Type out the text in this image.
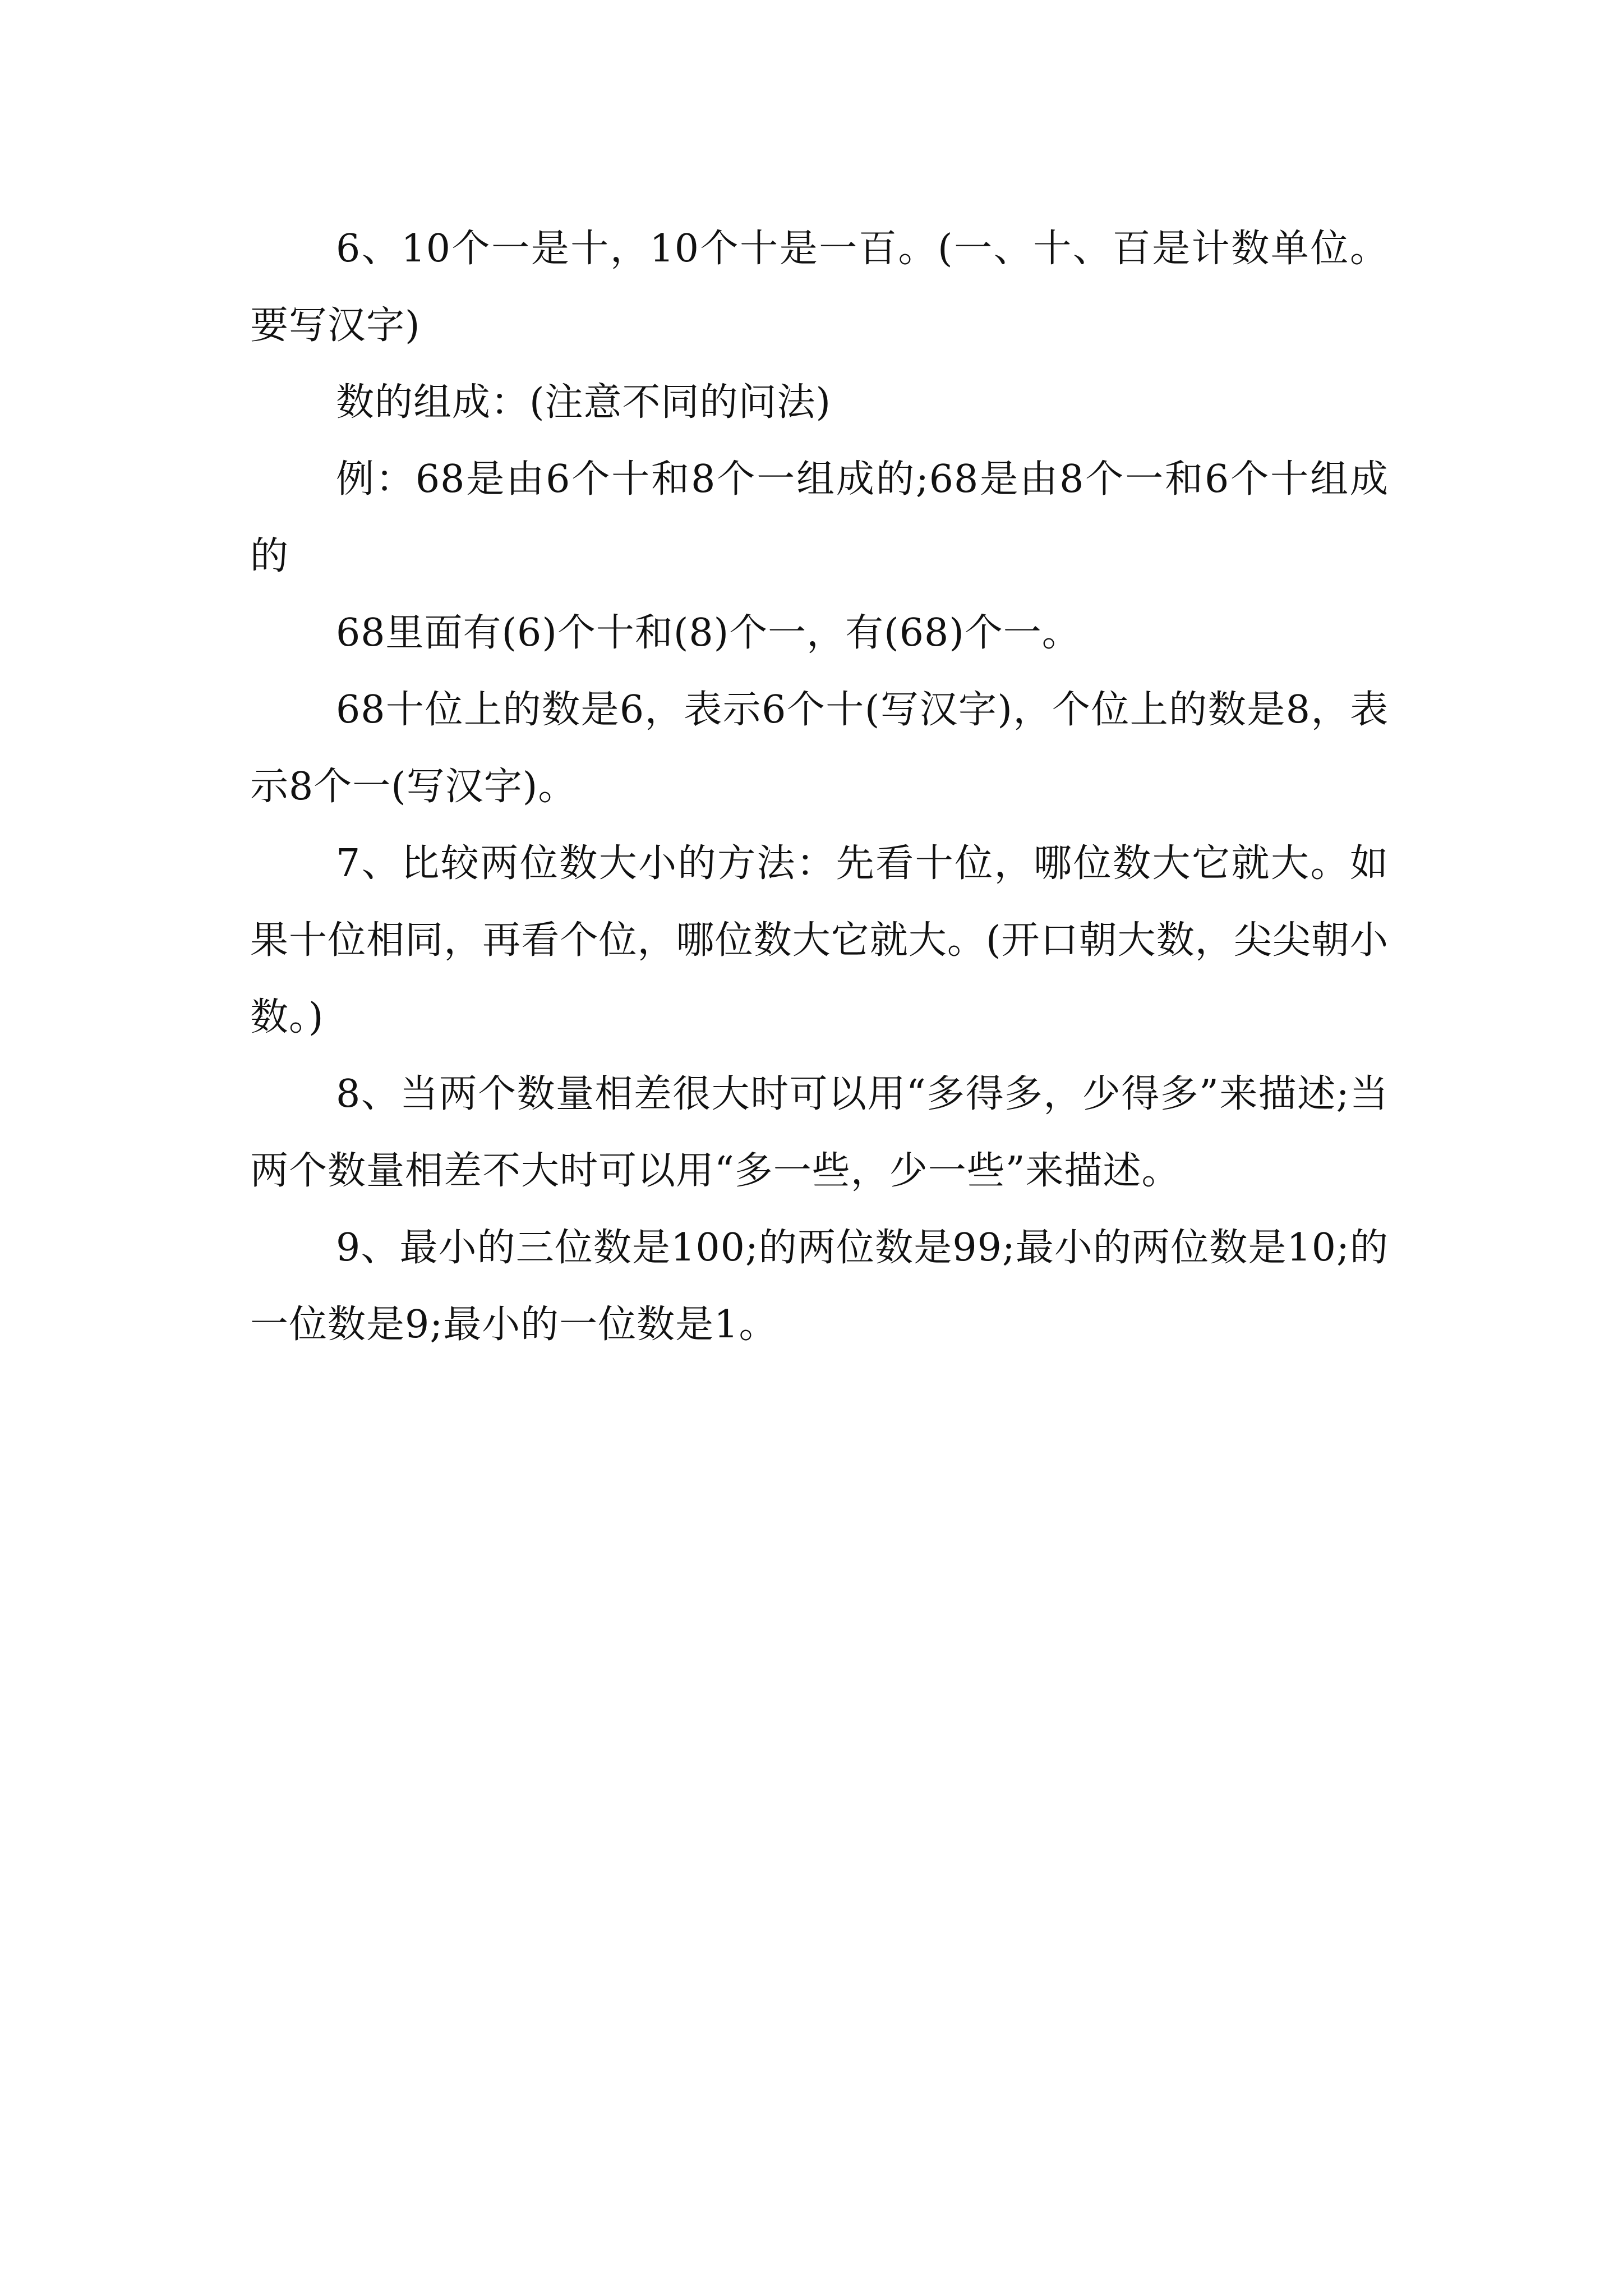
6、10个一是十，10个十是一百。(一、十、百是计数单位。要写汉字)

数的组成：(注意不同的问法)

例：68是由6个十和8个一组成的;68是由8个一和6个十组成的

68里面有(6)个十和(8)个一，有(68)个一。

68十位上的数是6，表示6个十(写汉字)，个位上的数是8，表示8个一(写汉字)。

7、比较两位数大小的方法：先看十位，哪位数大它就大。如果十位相同，再看个位，哪位数大它就大。(开口朝大数，尖尖朝小数。)

8、当两个数量相差很大时可以用“多得多，少得多”来描述;当两个数量相差不大时可以用“多一些，少一些”来描述。

9、最小的三位数是100;的两位数是99;最小的两位数是10;的一位数是9;最小的一位数是1。
